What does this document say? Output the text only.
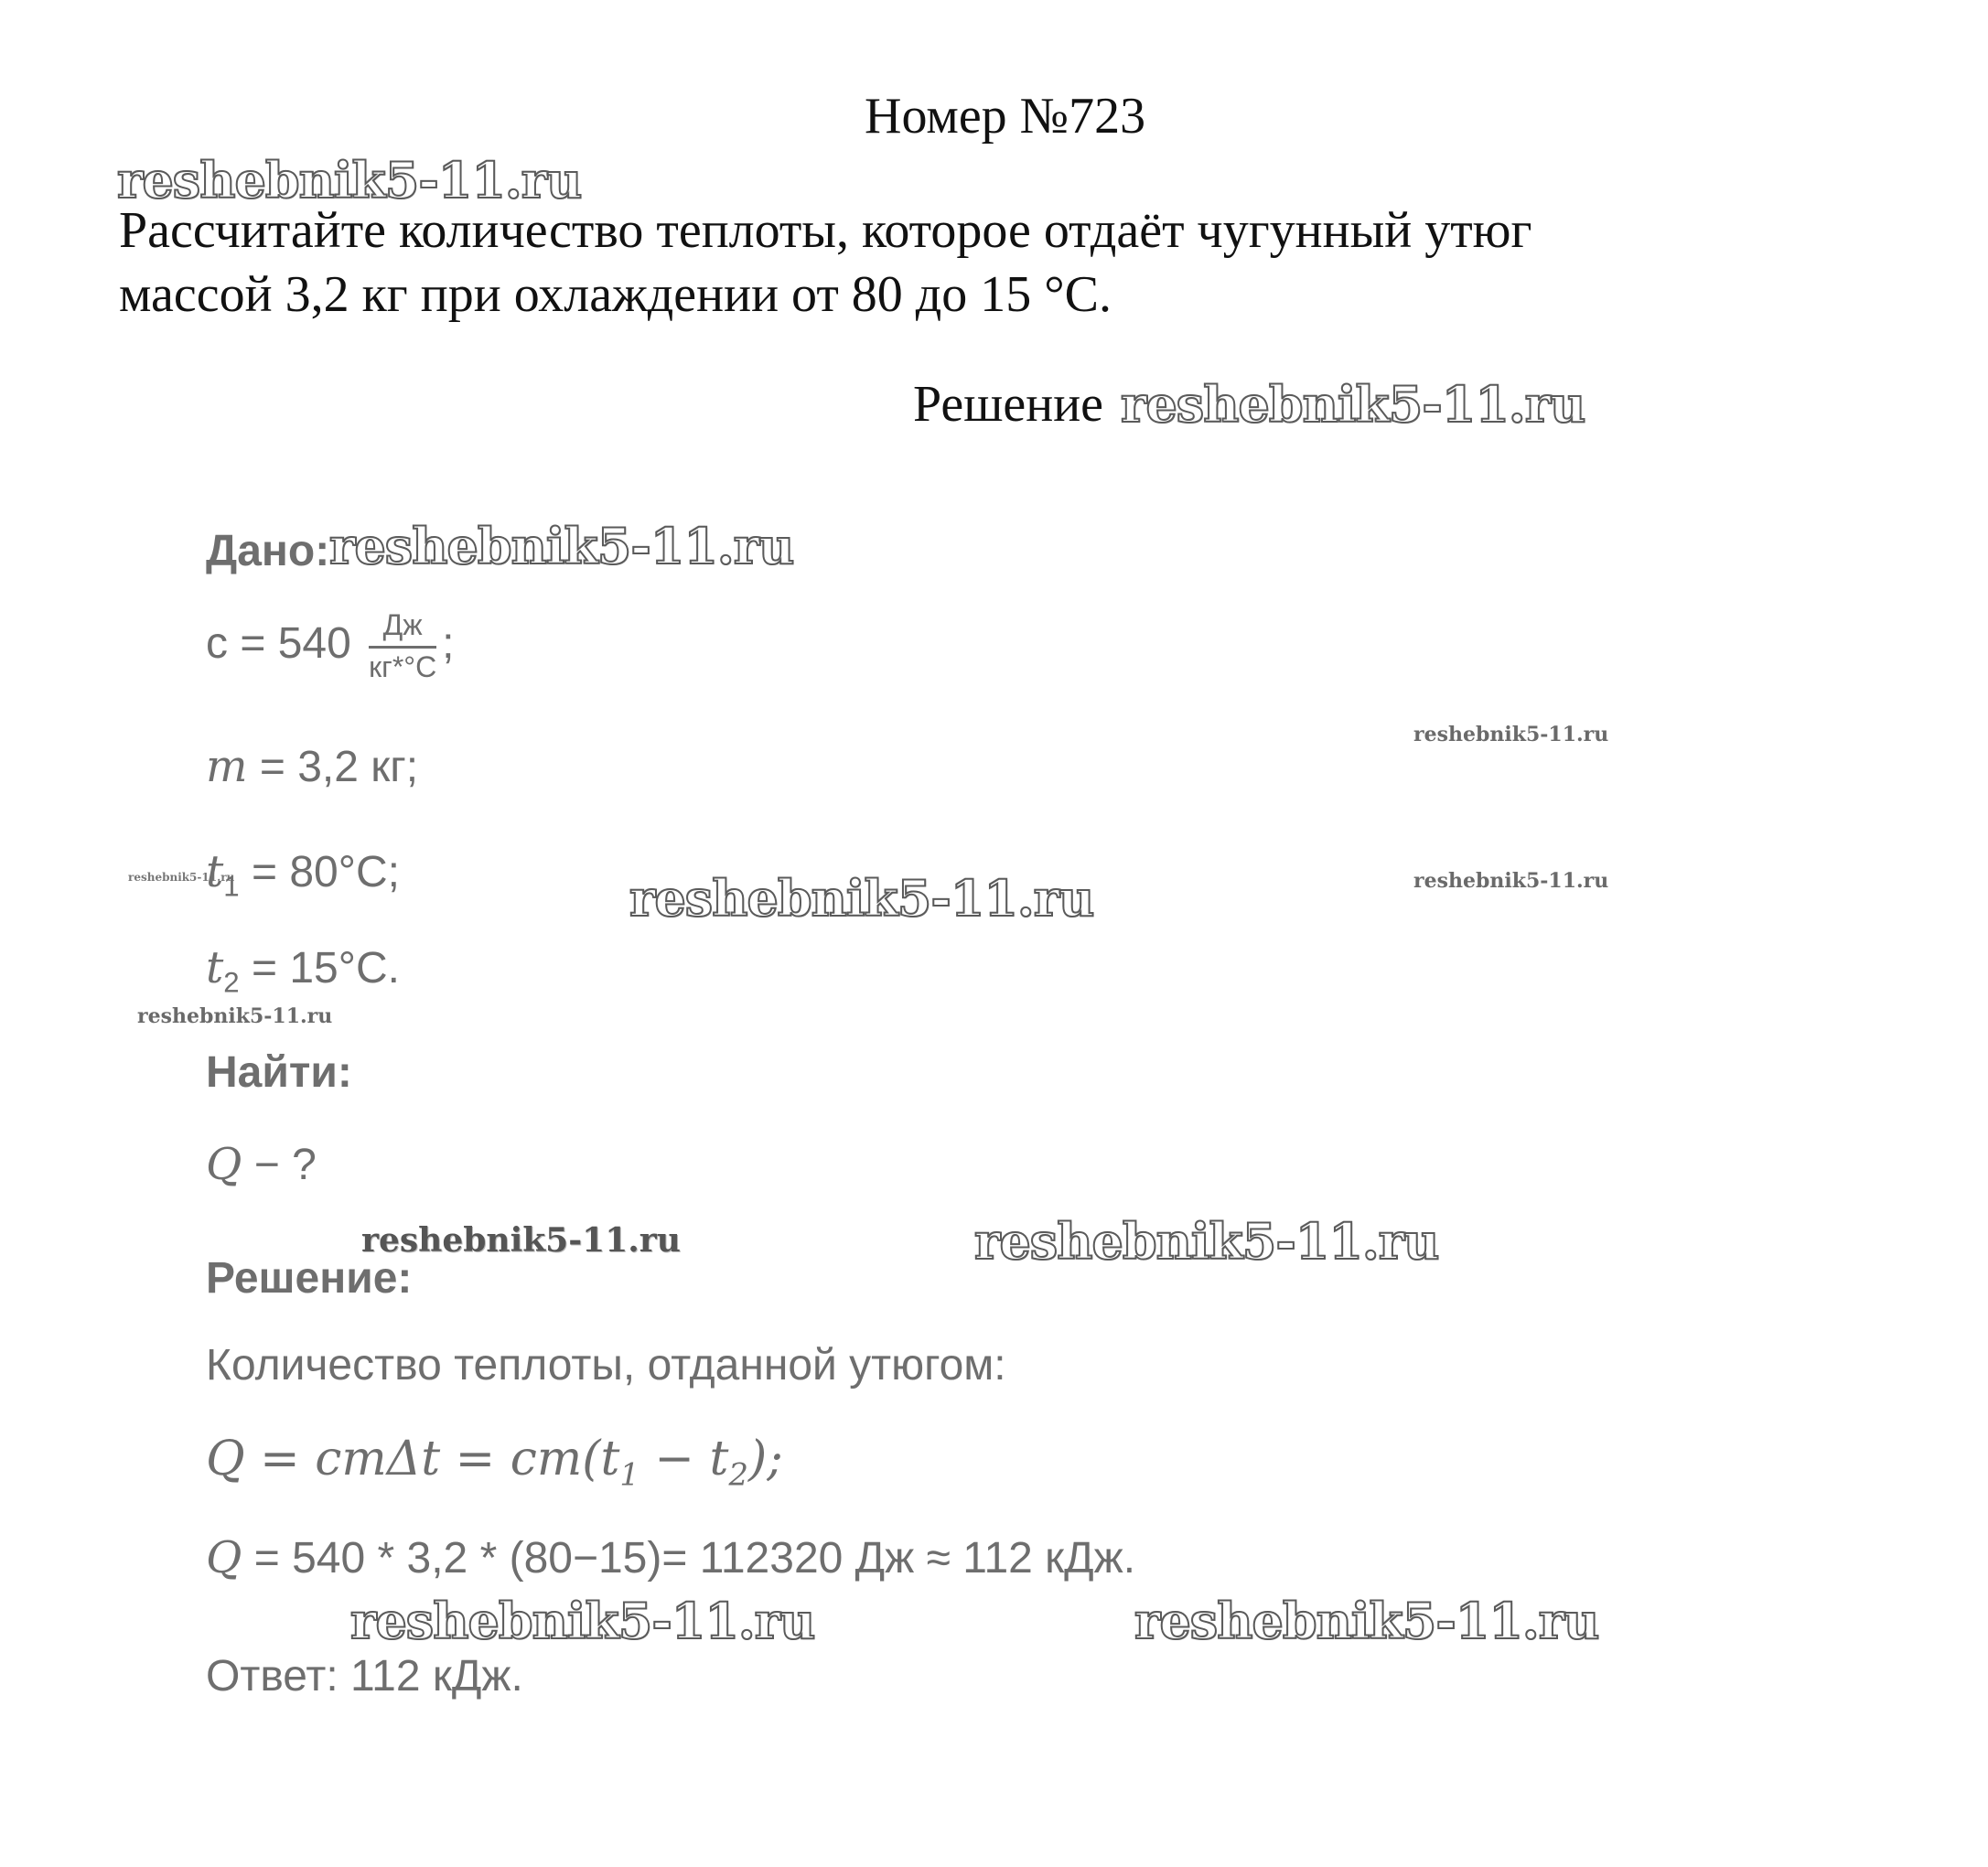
Номер №723
reshebnik5-11.ru
Рассчитайте количество теплоты, которое отдаёт чугунный утюг
массой 3,2 кг при охлаждении от 80 до 15 °С.
Решение reshebnik5-11.ru
Дано: reshebnik5-11.ru
$c = 540 \frac{Дж}{кг*^\circ С}$ ;
reshebnik5-11.ru
m = 3,2 кг;
reshebnik5-11.ru
$t_1 = 80^\circ C$;	reshebnik5-11.ru	reshebnik5-11.ru
$t_2 = 15^\circ C$.
reshebnik5-11.ru
Найти:
Q − ?
reshebnik5-11.ru	reshebnik5-11.ru
Решение:
Количество теплоты, отданной утюгом:
$Q = cm\Delta t = cm(t_1 - t_2)$;
Q = 540 * 3,2 * (80−15)= 112320 Дж ≈ 112 кДж.
reshebnik5-11.ru	reshebnik5-11.ru
Ответ: 112 кДж.
